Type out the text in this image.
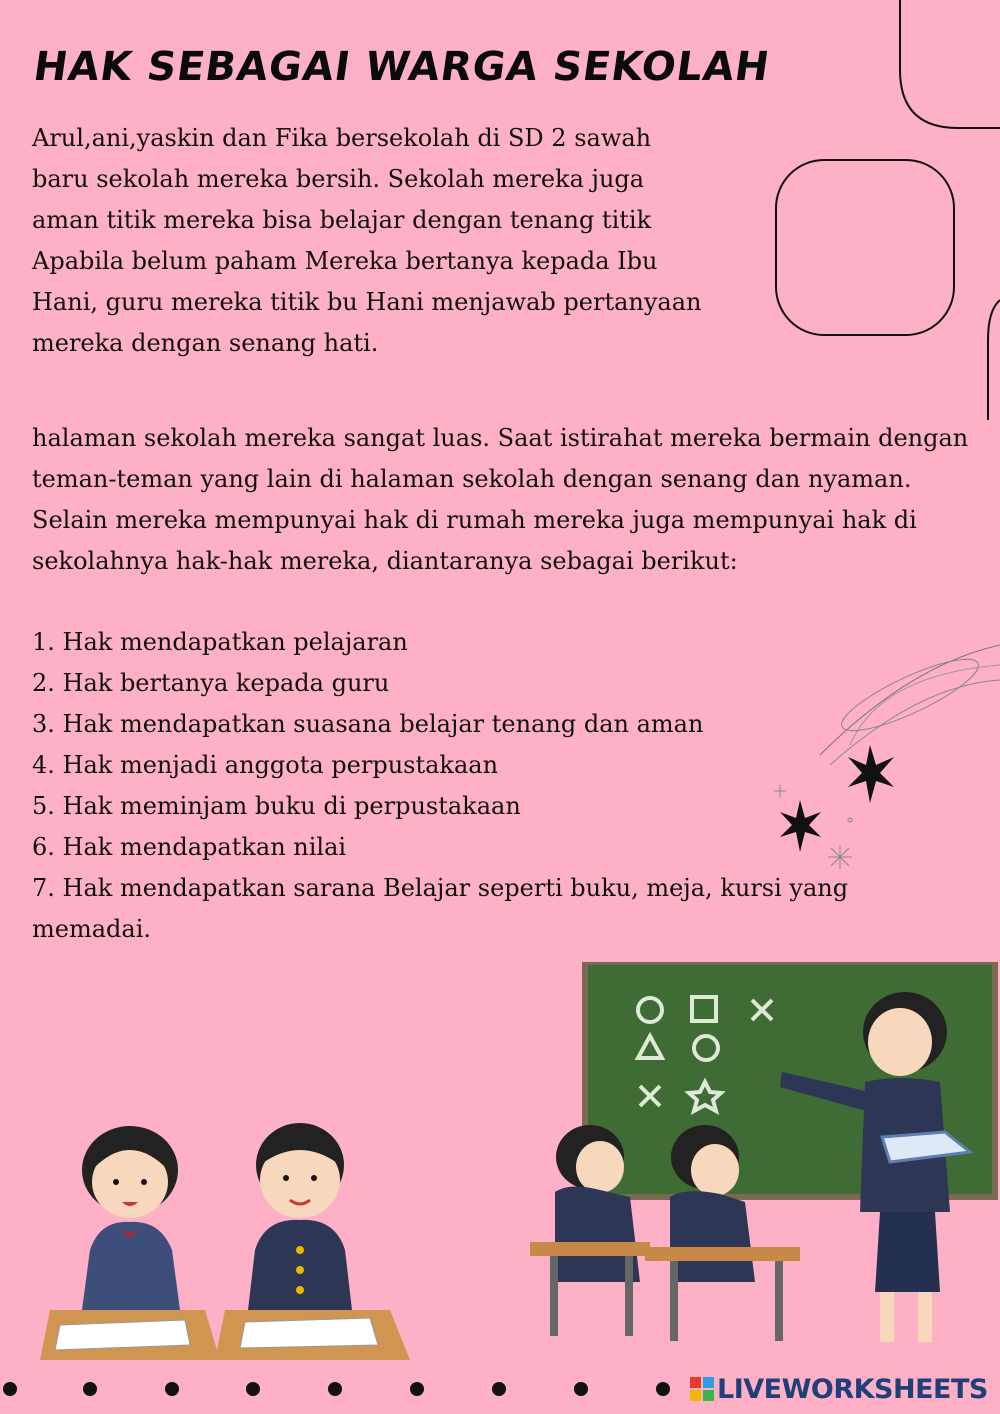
HAK SEBAGAI WARGA SEKOLAH

Arul,ani,yaskin dan Fika bersekolah di SD 2 sawah baru sekolah mereka bersih. Sekolah mereka juga aman titik mereka bisa belajar dengan tenang titik Apabila belum paham Mereka bertanya kepada Ibu Hani, guru mereka titik bu Hani menjawab pertanyaan mereka dengan senang hati.

halaman sekolah mereka sangat luas. Saat istirahat mereka bermain dengan teman-teman yang lain di halaman sekolah dengan senang dan nyaman. Selain mereka mempunyai hak di rumah mereka juga mempunyai hak di sekolahnya hak-hak mereka, diantaranya sebagai berikut:

1. Hak mendapatkan pelajaran
2. Hak bertanya kepada guru
3. Hak mendapatkan suasana belajar tenang dan aman
4. Hak menjadi anggota perpustakaan
5. Hak meminjam buku di perpustakaan
6. Hak mendapatkan nilai
7. Hak mendapatkan sarana Belajar seperti buku, meja, kursi yang memadai.
LIVEWORKSHEETS
